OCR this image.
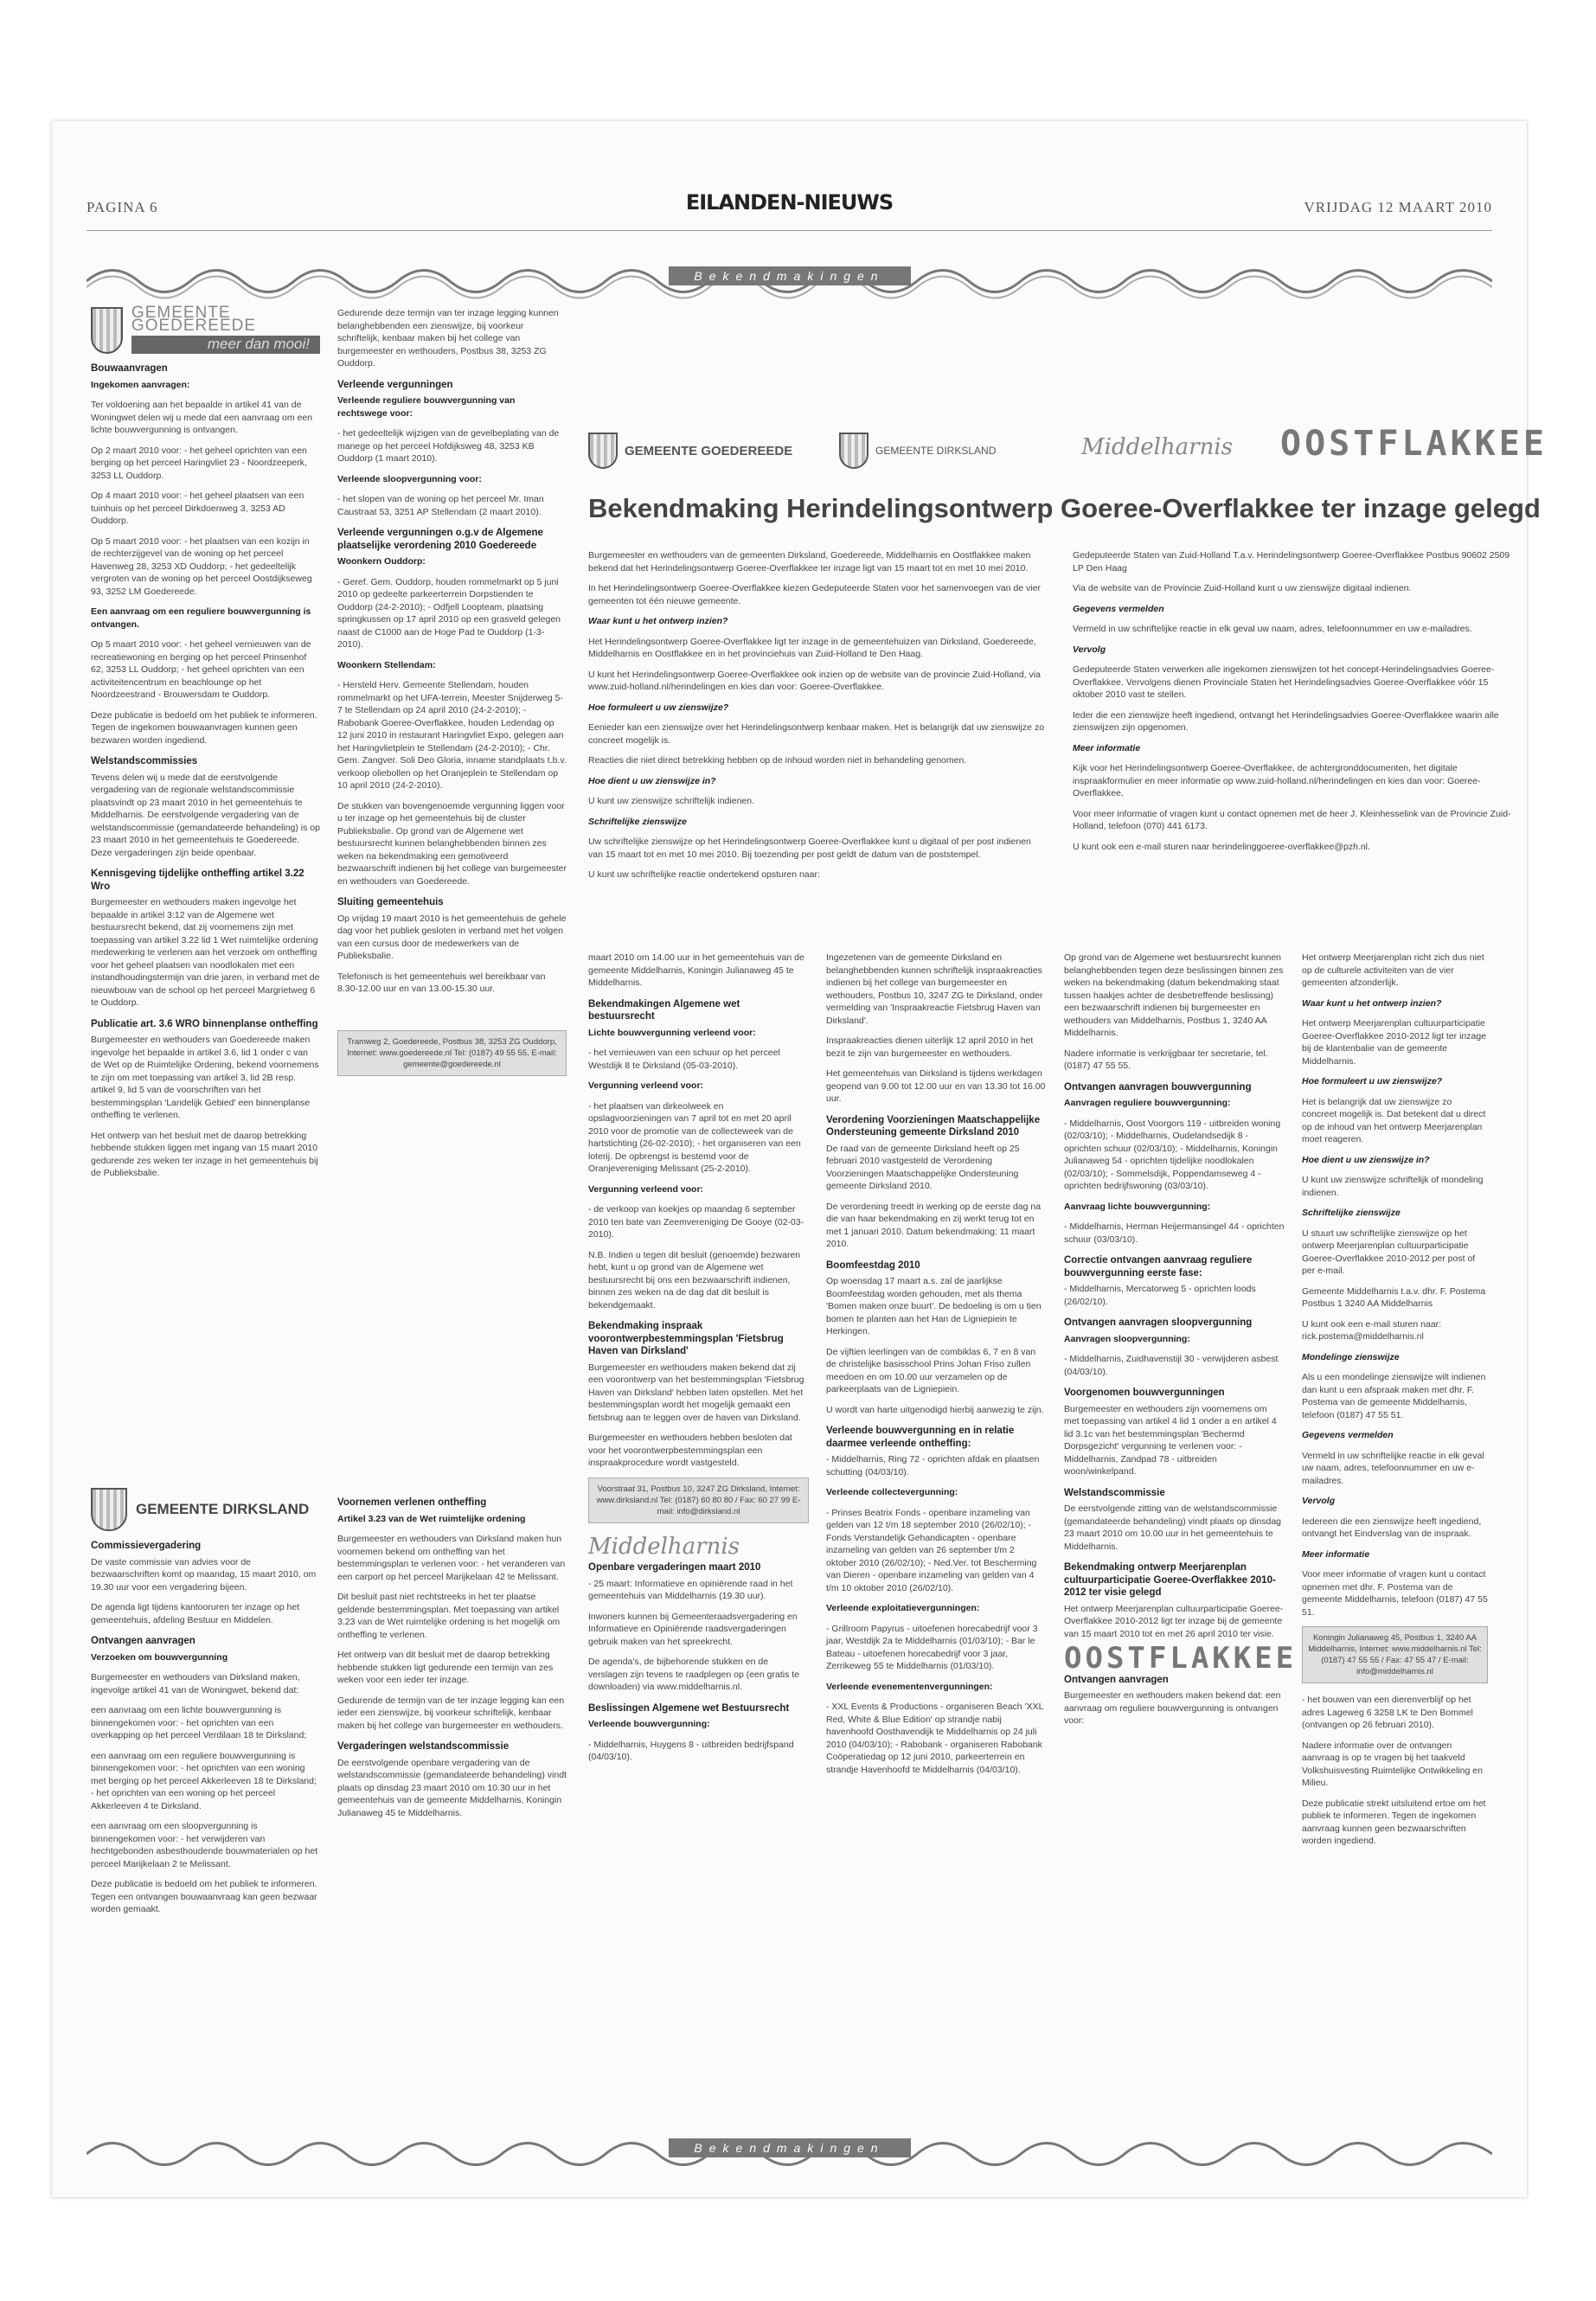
PAGINA 6	EILANDEN-NIEUWS	VRIJDAG 12 MAART 2010
Bekendmakingen
GEMEENTE GOEDEREEDE
meer dan mooi!
Bouwaanvragen

Ingekomen aanvragen:

Ter voldoening aan het bepaalde in artikel 41 van de Woningwet delen wij u mede dat een aanvraag om een lichte bouwvergunning is ontvangen.

Op 2 maart 2010 voor: - het geheel oprichten van een berging op het perceel Haringvliet 23 - Noordzeeperk, 3253 LL Ouddorp.

Op 4 maart 2010 voor: - het geheel plaatsen van een tuinhuis op het perceel Dirkdoenweg 3, 3253 AD Ouddorp.

Op 5 maart 2010 voor: - het plaatsen van een kozijn in de rechterzijgevel van de woning op het perceel Havenweg 28, 3253 XD Ouddorp; - het gedeeltelijk vergroten van de woning op het perceel Oostdijkseweg 93, 3252 LM Goedereede.

Een aanvraag om een reguliere bouwvergunning is ontvangen.

Op 5 maart 2010 voor: - het geheel vernieuwen van de recreatiewoning en berging op het perceel Prinsenhof 62, 3253 LL Ouddorp; - het geheel oprichten van een activiteitencentrum en beachlounge op het Noordzeestrand - Brouwersdam te Ouddorp.

Deze publicatie is bedoeld om het publiek te informeren. Tegen de ingekomen bouwaanvragen kunnen geen bezwaren worden ingediend.

Welstandscommissies

Tevens delen wij u mede dat de eerstvolgende vergadering van de regionale welstandscommissie plaatsvindt op 23 maart 2010 in het gemeentehuis te Middelharnis. De eerstvolgende vergadering van de welstandscommissie (gemandateerde behandeling) is op 23 maart 2010 in het gemeentehuis te Goedereede. Deze vergaderingen zijn beide openbaar.

Kennisgeving tijdelijke ontheffing artikel 3.22 Wro

Burgemeester en wethouders maken ingevolge het bepaalde in artikel 3:12 van de Algemene wet bestuursrecht bekend, dat zij voornemens zijn met toepassing van artikel 3.22 lid 1 Wet ruimtelijke ordening medewerking te verlenen aan het verzoek om ontheffing voor het geheel plaatsen van noodlokalen met een instandhoudingstermijn van drie jaren, in verband met de nieuwbouw van de school op het perceel Margrietweg 6 te Ouddorp.

Publicatie art. 3.6 WRO binnenplanse ontheffing

Burgemeester en wethouders van Goedereede maken ingevolge het bepaalde in artikel 3.6, lid 1 onder c van de Wet op de Ruimtelijke Ordening, bekend voornemens te zijn om met toepassing van artikel 3, lid 2B resp. artikel 9, lid 5 van de voorschriften van het bestemmingsplan 'Landelijk Gebied' een binnenplanse ontheffing te verlenen.

Het ontwerp van het besluit met de daarop betrekking hebbende stukken liggen met ingang van 15 maart 2010 gedurende zes weken ter inzage in het gemeentehuis bij de Publieksbalie.

Gedurende deze termijn van ter inzage legging kunnen belanghebbenden een zienswijze, bij voorkeur schriftelijk, kenbaar maken bij het college van burgemeester en wethouders, Postbus 38, 3253 ZG Ouddorp.

Verleende vergunningen

Verleende reguliere bouwvergunning van rechtswege voor:

- het gedeeltelijk wijzigen van de gevelbeplating van de manege op het perceel Hofdijksweg 48, 3253 KB Ouddorp (1 maart 2010).

Verleende sloopvergunning voor:

- het slopen van de woning op het perceel Mr. Iman Caustraat 53, 3251 AP Stellendam (2 maart 2010).

Verleende vergunningen o.g.v de Algemene plaatselijke verordening 2010 Goedereede

Woonkern Ouddorp:

- Geref. Gem. Ouddorp, houden rommelmarkt op 5 juni 2010 op gedeelte parkeerterrein Dorpstienden te Ouddorp (24-2-2010); - Odfjell Loopteam, plaatsing springkussen op 17 april 2010 op een grasveld gelegen naast de C1000 aan de Hoge Pad te Ouddorp (1-3-2010).

Woonkern Stellendam:

- Hersteld Herv. Gemeente Stellendam, houden rommelmarkt op het UFA-terrein, Meester Snijderweg 5-7 te Stellendam op 24 april 2010 (24-2-2010); - Rabobank Goeree-Overflakkee, houden Ledendag op 12 juni 2010 in restaurant Haringvliet Expo, gelegen aan het Haringvlietplein te Stellendam (24-2-2010); - Chr. Gem. Zangver. Soli Deo Gloria, inname standplaats t.b.v. verkoop oliebollen op het Oranjeplein te Stellendam op 10 april 2010 (24-2-2010).

De stukken van bovengenoemde vergunning liggen voor u ter inzage op het gemeentehuis bij de cluster Publieksbalie. Op grond van de Algemene wet bestuursrecht kunnen belanghebbenden binnen zes weken na bekendmaking een gemotiveerd bezwaarschrift indienen bij het college van burgemeester en wethouders van Goedereede.

Sluiting gemeentehuis

Op vrijdag 19 maart 2010 is het gemeentehuis de gehele dag voor het publiek gesloten in verband met het volgen van een cursus door de medewerkers van de Publieksbalie.

Telefonisch is het gemeentehuis wel bereikbaar van 8.30-12.00 uur en van 13.00-15.30 uur.

Tramweg 2, Goedereede, Postbus 38, 3253 ZG Ouddorp, Internet: www.goedereede.nl Tel: (0187) 49 55 55, E-mail: gemeente@goedereede.nl
GEMEENTE GOEDEREEDE	GEMEENTE DIRKSLAND	Middelharnis OOSTFLAKKEE
Bekendmaking Herindelingsontwerp Goeree-Overflakkee ter inzage gelegd

Burgemeester en wethouders van de gemeenten Dirksland, Goedereede, Middelharnis en Oostflakkee maken bekend dat het Herindelingsontwerp Goeree-Overflakkee ter inzage ligt van 15 maart tot en met 10 mei 2010.

In het Herindelingsontwerp Goeree-Overflakkee kiezen Gedeputeerde Staten voor het samenvoegen van de vier gemeenten tot één nieuwe gemeente.

Waar kunt u het ontwerp inzien?

Het Herindelingsontwerp Goeree-Overflakkee ligt ter inzage in de gemeentehuizen van Dirksland, Goedereede, Middelharnis en Oostflakkee en in het provinciehuis van Zuid-Holland te Den Haag.

U kunt het Herindelingsontwerp Goeree-Overflakkee ook inzien op de website van de provincie Zuid-Holland, via www.zuid-holland.nl/herindelingen en kies dan voor: Goeree-Overflakkee.

Hoe formuleert u uw zienswijze?

Eenieder kan een zienswijze over het Herindelingsontwerp kenbaar maken. Het is belangrijk dat uw zienswijze zo concreet mogelijk is.

Reacties die niet direct betrekking hebben op de inhoud worden niet in behandeling genomen.

Hoe dient u uw zienswijze in?

U kunt uw zienswijze schriftelijk indienen.

Schriftelijke zienswijze

Uw schriftelijke zienswijze op het Herindelingsontwerp Goeree-Overflakkee kunt u digitaal of per post indienen van 15 maart tot en met 10 mei 2010. Bij toezending per post geldt de datum van de poststempel.

U kunt uw schriftelijke reactie ondertekend opsturen naar:

Gedeputeerde Staten van Zuid-Holland T.a.v. Herindelingsontwerp Goeree-Overflakkee Postbus 90602 2509 LP Den Haag

Via de website van de Provincie Zuid-Holland kunt u uw zienswijze digitaal indienen.

Gegevens vermelden

Vermeld in uw schriftelijke reactie in elk geval uw naam, adres, telefoonnummer en uw e-mailadres.

Vervolg

Gedeputeerde Staten verwerken alle ingekomen zienswijzen tot het concept-Herindelingsadvies Goeree-Overflakkee. Vervolgens dienen Provinciale Staten het Herindelingsadvies Goeree-Overflakkee vóór 15 oktober 2010 vast te stellen.

Ieder die een zienswijze heeft ingediend, ontvangt het Herindelingsadvies Goeree-Overflakkee waarin alle zienswijzen zijn opgenomen.

Meer informatie

Kijk voor het Herindelingsontwerp Goeree-Overflakkee, de achtergronddocumenten, het digitale inspraakformulier en meer informatie op www.zuid-holland.nl/herindelingen en kies dan voor: Goeree-Overflakkee.

Voor meer informatie of vragen kunt u contact opnemen met de heer J. Kleinhesselink van de Provincie Zuid-Holland, telefoon (070) 441 6173.

U kunt ook een e-mail sturen naar herindelinggoeree-overflakkee@pzh.nl.

GEMEENTE DIRKSLAND
Commissievergadering

De vaste commissie van advies voor de bezwaarschriften komt op maandag, 15 maart 2010, om 19.30 uur voor een vergadering bijeen.

De agenda ligt tijdens kantooruren ter inzage op het gemeentehuis, afdeling Bestuur en Middelen.

Ontvangen aanvragen

Verzoeken om bouwvergunning

Burgemeester en wethouders van Dirksland maken, ingevolge artikel 41 van de Woningwet, bekend dat:

een aanvraag om een lichte bouwvergunning is binnengekomen voor: - het oprichten van een overkapping op het perceel Verdilaan 18 te Dirksland;

een aanvraag om een reguliere bouwvergunning is binnengekomen voor: - het oprichten van een woning met berging op het perceel Akkerleeven 18 te Dirksland; - het oprichten van een woning op het perceel Akkerleeven 4 te Dirksland.

een aanvraag om een sloopvergunning is binnengekomen voor: - het verwijderen van hechtgebonden asbesthoudende bouwmaterialen op het perceel Marijkelaan 2 te Melissant.

Deze publicatie is bedoeld om het publiek te informeren. Tegen een ontvangen bouwaanvraag kan geen bezwaar worden gemaakt.

Voornemen verlenen ontheffing

Artikel 3.23 van de Wet ruimtelijke ordening

Burgemeester en wethouders van Dirksland maken hun voornemen bekend om ontheffing van het bestemmingsplan te verlenen voor: - het veranderen van een carport op het perceel Marijkelaan 42 te Melissant.

Dit besluit past niet rechtstreeks in het ter plaatse geldende bestemmingsplan. Met toepassing van artikel 3.23 van de Wet ruimtelijke ordening is het mogelijk om ontheffing te verlenen.

Het ontwerp van dit besluit met de daarop betrekking hebbende stukken ligt gedurende een termijn van zes weken voor een ieder ter inzage.

Gedurende de termijn van de ter inzage legging kan een ieder een zienswijze, bij voorkeur schriftelijk, kenbaar maken bij het college van burgemeester en wethouders.

Vergaderingen welstandscommissie

De eerstvolgende openbare vergadering van de welstandscommissie (gemandateerde behandeling) vindt plaats op dinsdag 23 maart 2010 om 10.30 uur in het gemeentehuis van de gemeente Middelharnis, Koningin Julianaweg 45 te Middelharnis.

maart 2010 om 14.00 uur in het gemeentehuis van de gemeente Middelharnis, Koningin Julianaweg 45 te Middelharnis.

Bekendmakingen Algemene wet bestuursrecht

Lichte bouwvergunning verleend voor:

- het vernieuwen van een schuur op het perceel Westdijk 8 te Dirksland (05-03-2010).

Vergunning verleend voor:

- het plaatsen van dirkeolweek en opslagvoorzieningen van 7 april tot en met 20 april 2010 voor de promotie van de collecteweek van de hartstichting (26-02-2010); - het organiseren van een loterij. De opbrengst is bestemd voor de Oranjevereniging Melissant (25-2-2010).

Vergunning verleend voor:

- de verkoop van koekjes op maandag 6 september 2010 ten bate van Zeemvereniging De Gooye (02-03-2010).

N.B. Indien u tegen dit besluit (genoemde) bezwaren hebt, kunt u op grond van de Algemene wet bestuursrecht bij ons een bezwaarschrift indienen, binnen zes weken na de dag dat dit besluit is bekendgemaakt.

Bekendmaking inspraak voorontwerpbestemmingsplan 'Fietsbrug Haven van Dirksland'

Burgemeester en wethouders maken bekend dat zij een voorontwerp van het bestemmingsplan 'Fietsbrug Haven van Dirksland' hebben laten opstellen. Met het bestemmingsplan wordt het mogelijk gemaakt een fietsbrug aan te leggen over de haven van Dirksland.

Burgemeester en wethouders hebben besloten dat voor het voorontwerpbestemmingsplan een inspraakprocedure wordt vastgesteld.

Voorstraat 31, Postbus 10, 3247 ZG Dirksland, Internet: www.dirksland.nl Tel: (0187) 60 80 80 / Fax: 60 27 99 E-mail: info@dirksland.nl
Middelharnis
Openbare vergaderingen maart 2010

- 25 maart: Informatieve en opiniërende raad in het gemeentehuis van Middelharnis (19.30 uur).

Inwoners kunnen bij Gemeenteraadsvergadering en Informatieve en Opiniërende raadsvergaderingen gebruik maken van het spreekrecht.

De agenda's, de bijbehorende stukken en de verslagen zijn tevens te raadplegen op (een gratis te downloaden) via www.middelharnis.nl.

Beslissingen Algemene wet Bestuursrecht

Verleende bouwvergunning:

- Middelharnis, Huygens 8 - uitbreiden bedrijfspand (04/03/10).

Ingezetenen van de gemeente Dirksland en belanghebbenden kunnen schriftelijk inspraakreacties indienen bij het college van burgemeester en wethouders, Postbus 10, 3247 ZG te Dirksland, onder vermelding van 'Inspraakreactie Fietsbrug Haven van Dirksland'.

Inspraakreacties dienen uiterlijk 12 april 2010 in het bezit te zijn van burgemeester en wethouders.

Het gemeentehuis van Dirksland is tijdens werkdagen geopend van 9.00 tot 12.00 uur en van 13.30 tot 16.00 uur.

Verordening Voorzieningen Maatschappelijke Ondersteuning gemeente Dirksland 2010

De raad van de gemeente Dirksland heeft op 25 februari 2010 vastgesteld de Verordening Voorzieningen Maatschappelijke Ondersteuning gemeente Dirksland 2010.

De verordening treedt in werking op de eerste dag na die van haar bekendmaking en zij werkt terug tot en met 1 januari 2010. Datum bekendmaking: 11 maart 2010.

Boomfeestdag 2010

Op woensdag 17 maart a.s. zal de jaarlijkse Boomfeestdag worden gehouden, met als thema 'Bomen maken onze buurt'. De bedoeling is om u tien bomen te planten aan het Han de Ligniepiein te Herkingen.

De vijftien leerlingen van de combiklas 6, 7 en 8 van de christelijke basisschool Prins Johan Friso zullen meedoen en om 10.00 uur verzamelen op de parkeerplaats van de Ligniepiein.

U wordt van harte uitgenodigd hierbij aanwezig te zijn.

Verleende bouwvergunning en in relatie daarmee verleende ontheffing:

- Middelharnis, Ring 72 - oprichten afdak en plaatsen schutting (04/03/10).

Verleende collectevergunning:

- Prinses Beatrix Fonds - openbare inzameling van gelden van 12 t/m 18 september 2010 (26/02/10); - Fonds Verstandelijk Gehandicapten - openbare inzameling van gelden van 26 september t/m 2 oktober 2010 (26/02/10); - Ned.Ver. tot Bescherming van Dieren - openbare inzameling van gelden van 4 t/m 10 oktober 2010 (26/02/10).

Verleende exploitatievergunningen:

- Grillroom Papyrus - uitoefenen horecabedrijf voor 3 jaar, Westdijk 2a te Middelharnis (01/03/10); - Bar le Bateau - uitoefenen horecabedrijf voor 3 jaar, Zerrikeweg 55 te Middelharnis (01/03/10).

Verleende evenementenvergunningen:

- XXL Events & Productions - organiseren Beach 'XXL Red, White & Blue Edition' op strandje nabij havenhoofd Oosthavendijk te Middelharnis op 24 juli 2010 (04/03/10); - Rabobank - organiseren Rabobank Coöperatiedag op 12 juni 2010, parkeerterrein en strandje Havenhoofd te Middelharnis (04/03/10).

Op grond van de Algemene wet bestuursrecht kunnen belanghebbenden tegen deze beslissingen binnen zes weken na bekendmaking (datum bekendmaking staat tussen haakjes achter de desbetreffende beslissing) een bezwaarschrift indienen bij burgemeester en wethouders van Middelharnis, Postbus 1, 3240 AA Middelharnis.

Nadere informatie is verkrijgbaar ter secretarie, tel. (0187) 47 55 55.

Ontvangen aanvragen bouwvergunning

Aanvragen reguliere bouwvergunning:

- Middelharnis, Oost Voorgors 119 - uitbreiden woning (02/03/10); - Middelharnis, Oudelandsedijk 8 - oprichten schuur (02/03/10); - Middelharnis, Koningin Julianaweg 54 - oprichten tijdelijke noodlokalen (02/03/10); - Sommelsdijk, Poppendamseweg 4 - oprichten bedrijfswoning (03/03/10).

Aanvraag lichte bouwvergunning:

- Middelharnis, Herman Heijermansingel 44 - oprichten schuur (03/03/10).

Correctie ontvangen aanvraag reguliere bouwvergunning eerste fase:

- Middelharnis, Mercatorweg 5 - oprichten loods (26/02/10).

Ontvangen aanvragen sloopvergunning

Aanvragen sloopvergunning:

- Middelharnis, Zuidhavenstijl 30 - verwijderen asbest (04/03/10).

Voorgenomen bouwvergunningen

Burgemeester en wethouders zijn voornemens om met toepassing van artikel 4 lid 1 onder a en artikel 4 lid 3.1c van het bestemmingsplan 'Bechermd Dorpsgezicht' vergunning te verlenen voor: - Middelharnis, Zandpad 78 - uitbreiden woon/winkelpand.

Welstandscommissie

De eerstvolgende zitting van de welstandscommissie (gemandateerde behandeling) vindt plaats op dinsdag 23 maart 2010 om 10.00 uur in het gemeentehuis te Middelharnis.

Bekendmaking ontwerp Meerjarenplan cultuurparticipatie Goeree-Overflakkee 2010-2012 ter visie gelegd

Het ontwerp Meerjarenplan cultuurparticipatie Goeree-Overflakkee 2010-2012 ligt ter inzage bij de gemeente van 15 maart 2010 tot en met 26 april 2010 ter visie.

OOSTFLAKKEE
Ontvangen aanvragen

Burgemeester en wethouders maken bekend dat: een aanvraag om reguliere bouwvergunning is ontvangen voor:

Het ontwerp Meerjarenplan richt zich dus niet op de culturele activiteiten van de vier gemeenten afzonderlijk.

Waar kunt u het ontwerp inzien?

Het ontwerp Meerjarenplan cultuurparticipatie Goeree-Overflakkee 2010-2012 ligt ter inzage bij de klantenbalie van de gemeente Middelharnis.

Hoe formuleert u uw zienswijze?

Het is belangrijk dat uw zienswijze zo concreet mogelijk is. Dat betekent dat u direct op de inhoud van het ontwerp Meerjarenplan moet reageren.

Hoe dient u uw zienswijze in?

U kunt uw zienswijze schriftelijk of mondeling indienen.

Schriftelijke zienswijze

U stuurt uw schriftelijke zienswijze op het ontwerp Meerjarenplan cultuurparticipatie Goeree-Overflakkee 2010-2012 per post of per e-mail.

Gemeente Middelharnis t.a.v. dhr. F. Postema Postbus 1 3240 AA Middelharnis

U kunt ook een e-mail sturen naar: rick.postema@middelharnis.nl

Mondelinge zienswijze

Als u een mondelinge zienswijze wilt indienen dan kunt u een afspraak maken met dhr. F. Postema van de gemeente Middelharnis, telefoon (0187) 47 55 51.

Gegevens vermelden

Vermeld in uw schriftelijke reactie in elk geval uw naam, adres, telefoonnummer en uw e-mailadres.

Vervolg

Iedereen die een zienswijze heeft ingediend, ontvangt het Eindverslag van de inspraak.

Meer informatie

Voor meer informatie of vragen kunt u contact opnemen met dhr. F. Postema van de gemeente Middelharnis, telefoon (0187) 47 55 51.

Koningin Julianaweg 45, Postbus 1, 3240 AA Middelharnis, Internet: www.middelharnis.nl Tel: (0187) 47 55 55 / Fax: 47 55 47 / E-mail: info@middelharnis.nl

- het bouwen van een dierenverblijf op het adres Lageweg 6 3258 LK te Den Bommel (ontvangen op 26 februari 2010).

Nadere informatie over de ontvangen aanvraag is op te vragen bij het taakveld Volkshuisvesting Ruimtelijke Ontwikkeling en Milieu.

Deze publicatie strekt uitsluitend ertoe om het publiek te informeren. Tegen de ingekomen aanvraag kunnen geen bezwaarschriften worden ingediend.

Bekendmakingen
